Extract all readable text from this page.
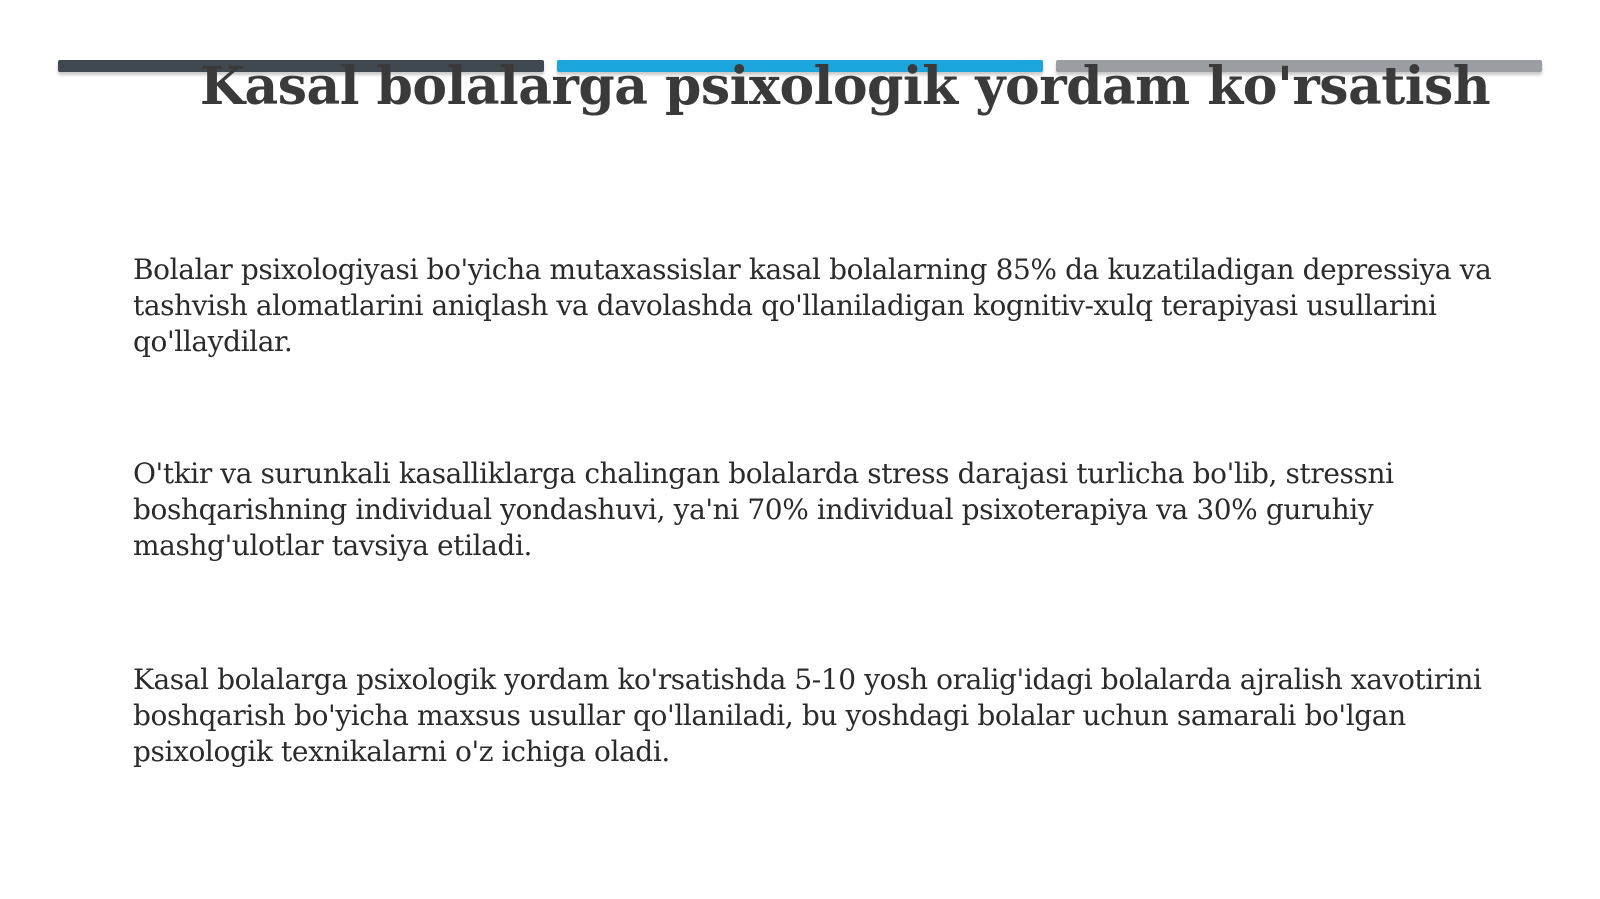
Kasal bolalarga psixologik yordam ko'rsatish

Bolalar psixologiyasi bo'yicha mutaxassislar kasal bolalarning 85% da kuzatiladigan depressiya va tashvish alomatlarini aniqlash va davolashda qo'llaniladigan kognitiv-xulq terapiyasi usullarini qo'llaydilar.

O'tkir va surunkali kasalliklarga chalingan bolalarda stress darajasi turlicha bo'lib, stressni boshqarishning individual yondashuvi, ya'ni 70% individual psixoterapiya va 30% guruhiy mashg'ulotlar tavsiya etiladi.

Kasal bolalarga psixologik yordam ko'rsatishda 5-10 yosh oralig'idagi bolalarda ajralish xavotirini boshqarish bo'yicha maxsus usullar qo'llaniladi, bu yoshdagi bolalar uchun samarali bo'lgan psixologik texnikalarni o'z ichiga oladi.
